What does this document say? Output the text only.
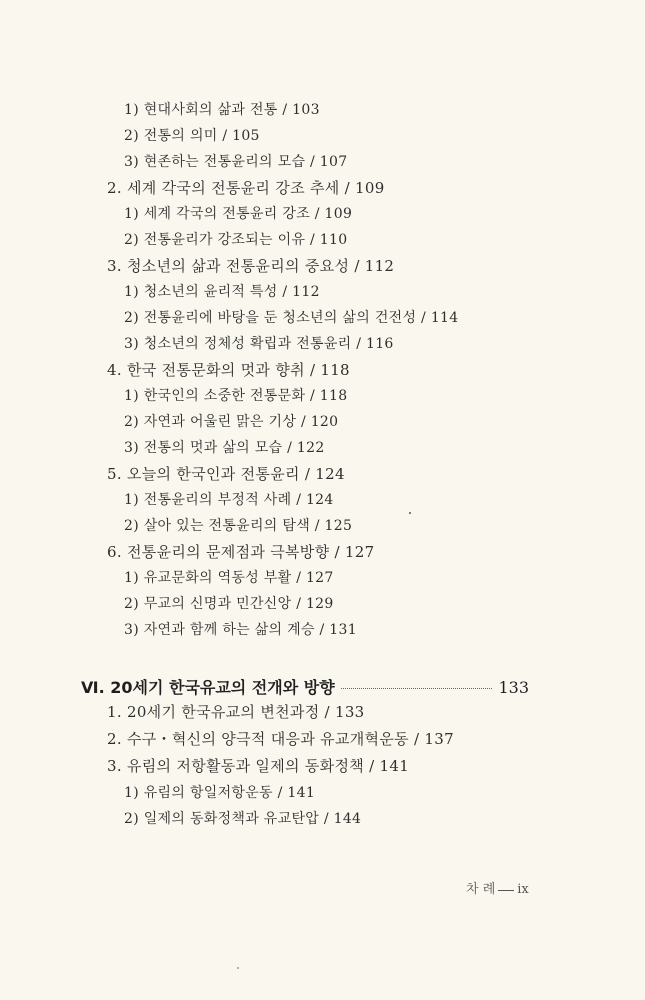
1) 현대사회의 삶과 전통 / 103
2) 전통의 의미 / 105
3) 현존하는 전통윤리의 모습 / 107
2. 세계 각국의 전통윤리 강조 추세 / 109
1) 세계 각국의 전통윤리 강조 / 109
2) 전통윤리가 강조되는 이유 / 110
3. 청소년의 삶과 전통윤리의 중요성 / 112
1) 청소년의 윤리적 특성 / 112
2) 전통윤리에 바탕을 둔 청소년의 삶의 건전성 / 114
3) 청소년의 정체성 확립과 전통윤리 / 116
4. 한국 전통문화의 멋과 향취 / 118
1) 한국인의 소중한 전통문화 / 118
2) 자연과 어울린 맑은 기상 / 120
3) 전통의 멋과 삶의 모습 / 122
5. 오늘의 한국인과 전통윤리 / 124
1) 전통윤리의 부정적 사례 / 124
2) 살아 있는 전통윤리의 탐색 / 125
6. 전통윤리의 문제점과 극복방향 / 127
1) 유교문화의 역동성 부활 / 127
2) 무교의 신명과 민간신앙 / 129
3) 자연과 함께 하는 삶의 계승 / 131
Ⅵ. 20세기 한국유교의 전개와 방향	133
1. 20세기 한국유교의 변천과정 / 133
2. 수구・혁신의 양극적 대응과 유교개혁운동 / 137
3. 유림의 저항활동과 일제의 동화정책 / 141
1) 유림의 항일저항운동 / 141
2) 일제의 동화정책과 유교탄압 / 144
차 례 ix
